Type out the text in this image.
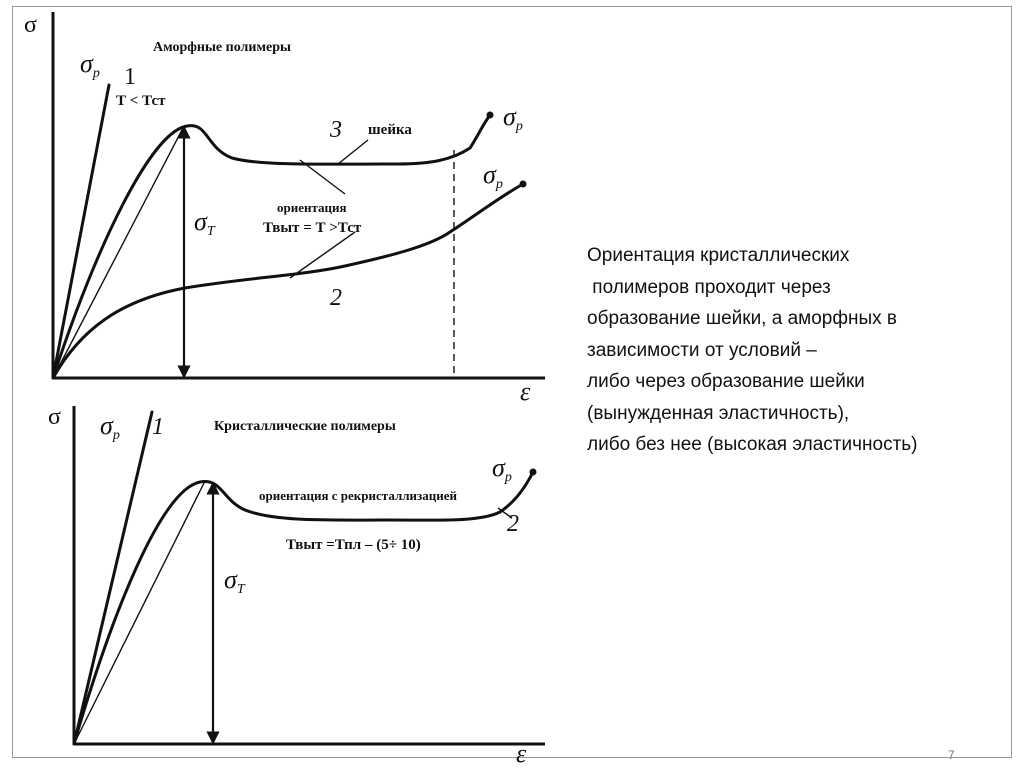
σ
ε
Аморфные полимеры
σp 1
Т < Тст
3 шейка	σp
σp
σT
ориентация
Твыт = Т >Тст
2
σ
ε
Кристаллические полимеры
σp 1
ориентация с рекристаллизацией
Твыт =Тпл – (5÷ 10)
σp
2
σT
Ориентация кристаллических
полимеров проходит через
образование шейки, а аморфных в
зависимости от условий –
либо через образование шейки
(вынужденная эластичность),
либо без нее (высокая эластичность)
7
